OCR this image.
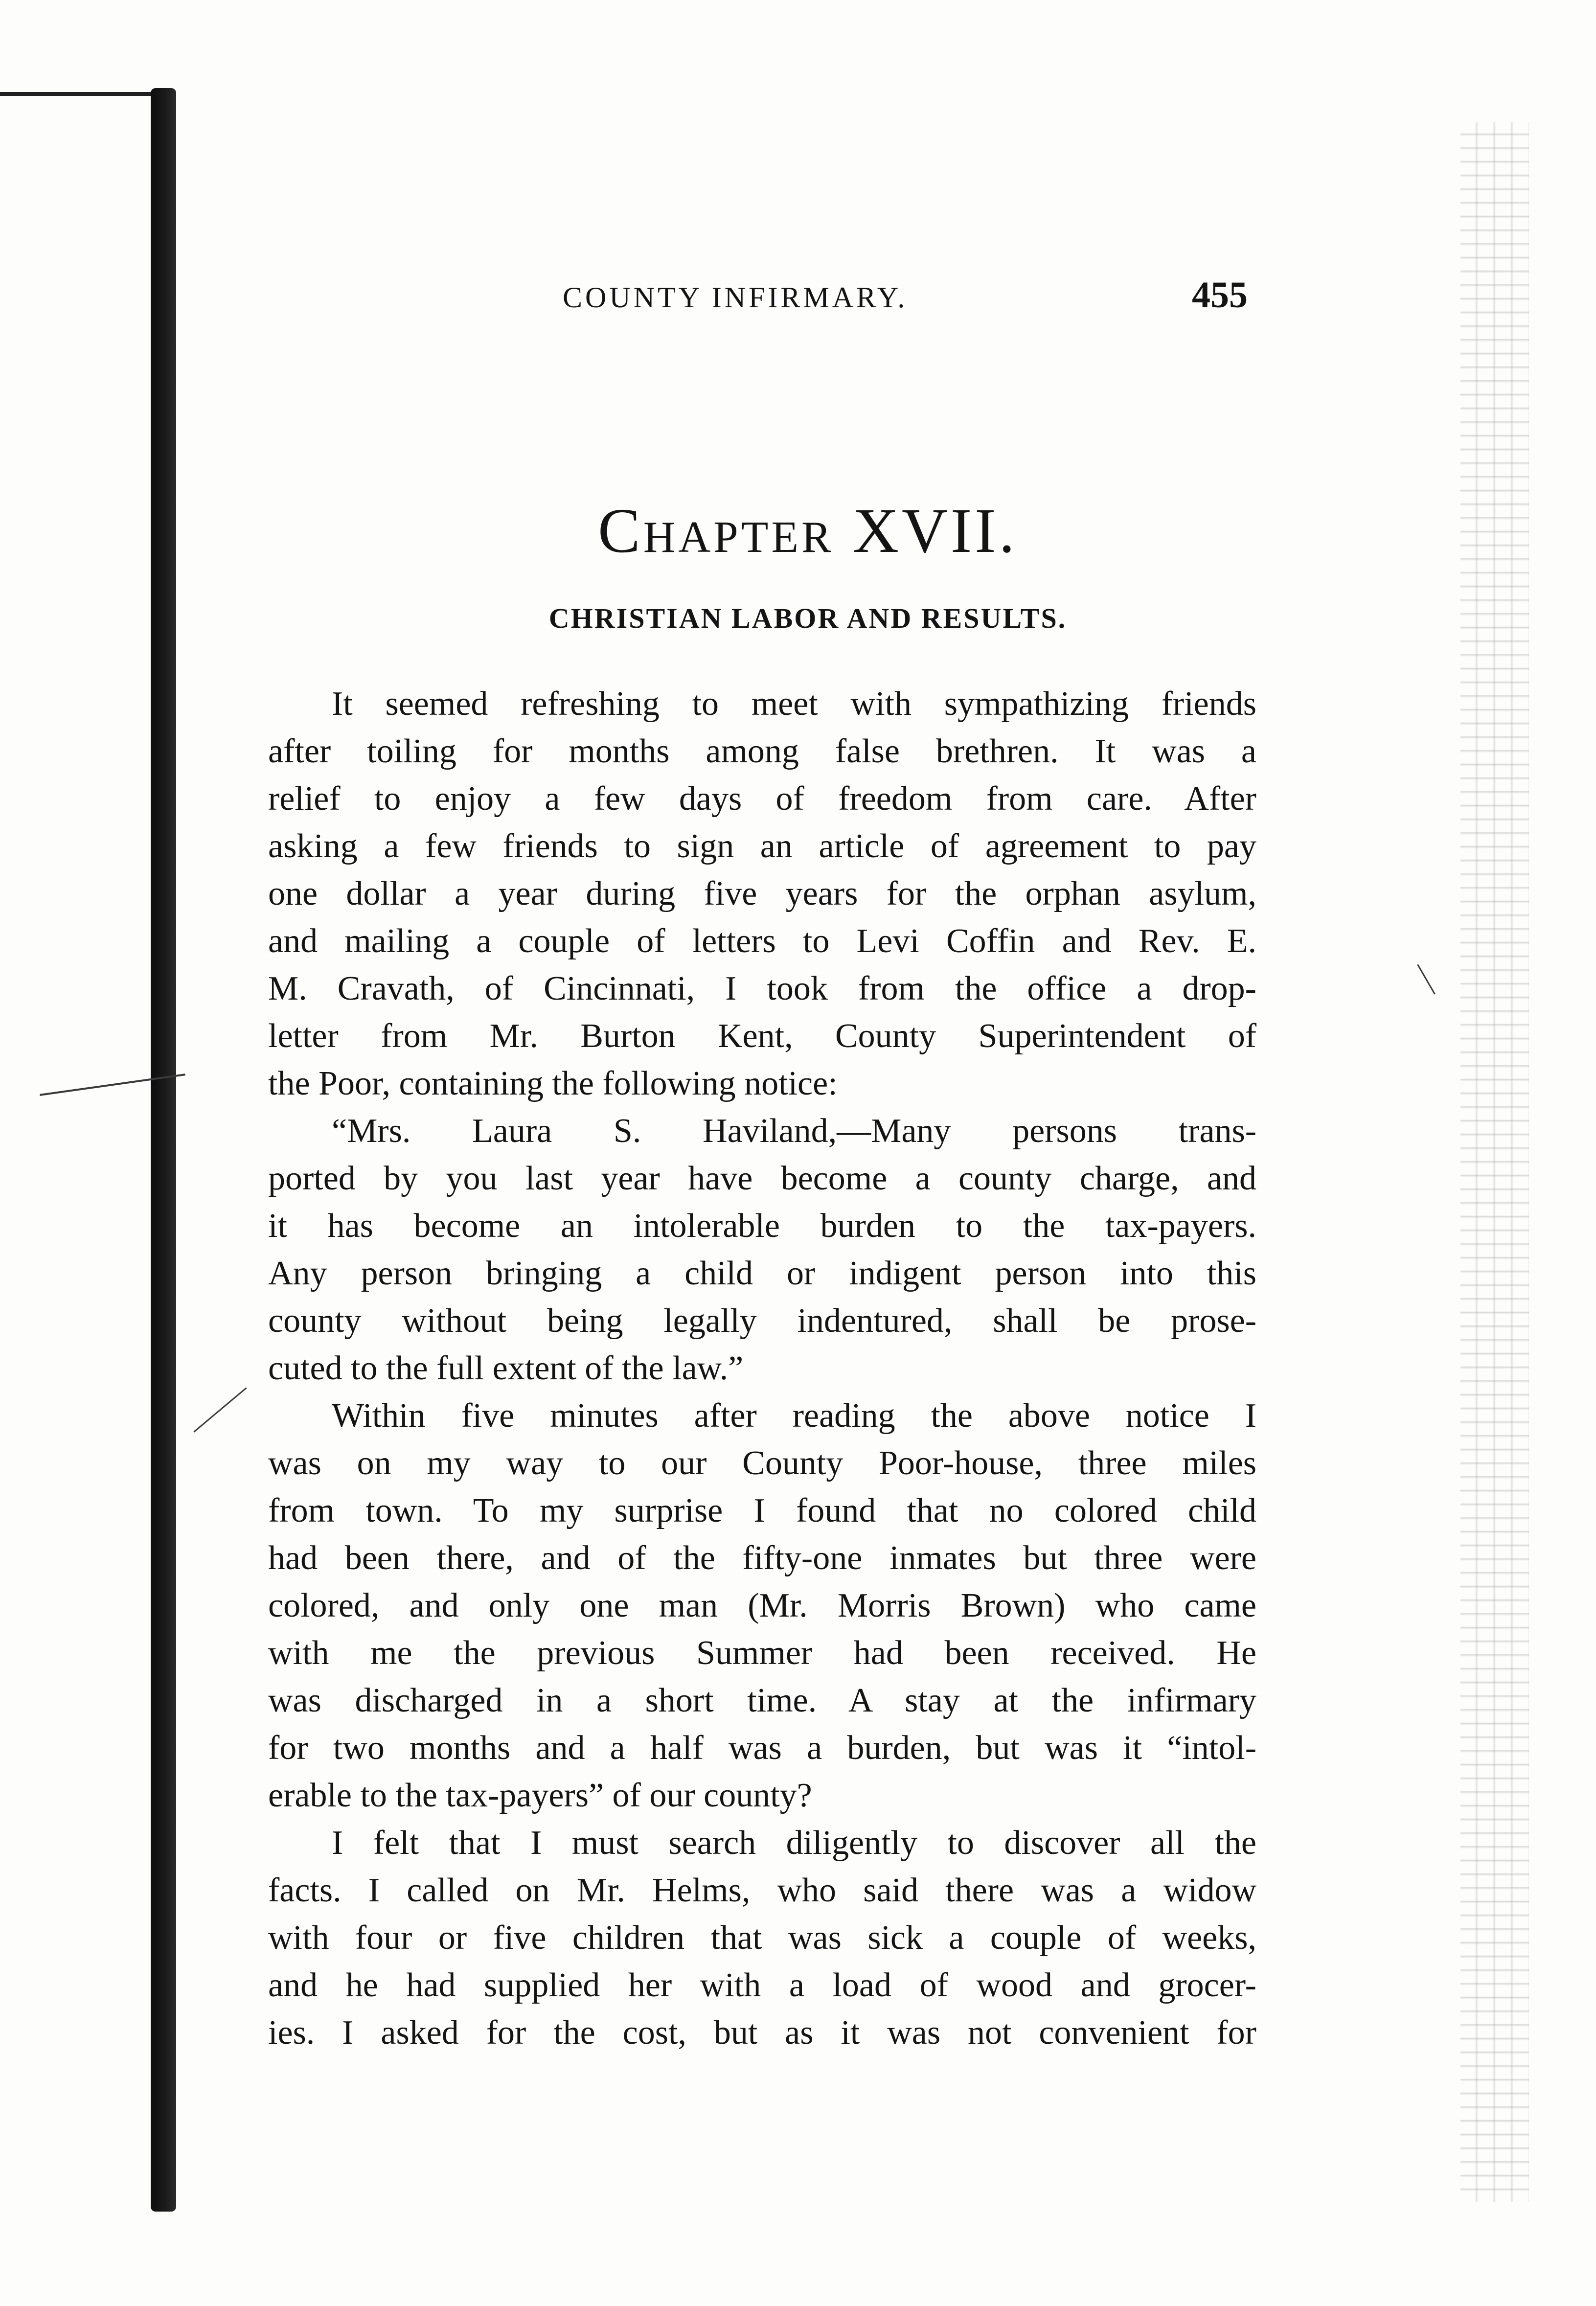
COUNTY INFIRMARY.	455
Chapter XVII.
CHRISTIAN LABOR AND RESULTS.
It seemed refreshing to meet with sympathizing friends
after toiling for months among false brethren. It was a
relief to enjoy a few days of freedom from care. After
asking a few friends to sign an article of agreement to pay
one dollar a year during five years for the orphan asylum,
and mailing a couple of letters to Levi Coffin and Rev. E.
M. Cravath, of Cincinnati, I took from the office a drop-
letter from Mr. Burton Kent, County Superintendent of
the Poor, containing the following notice:
“Mrs. Laura S. Haviland,—Many persons trans-
ported by you last year have become a county charge, and
it has become an intolerable burden to the tax-payers.
Any person bringing a child or indigent person into this
county without being legally indentured, shall be prose-
cuted to the full extent of the law.”
Within five minutes after reading the above notice I
was on my way to our County Poor-house, three miles
from town. To my surprise I found that no colored child
had been there, and of the fifty-one inmates but three were
colored, and only one man (Mr. Morris Brown) who came
with me the previous Summer had been received. He
was discharged in a short time. A stay at the infirmary
for two months and a half was a burden, but was it “intol-
erable to the tax-payers” of our county?
I felt that I must search diligently to discover all the
facts. I called on Mr. Helms, who said there was a widow
with four or five children that was sick a couple of weeks,
and he had supplied her with a load of wood and grocer-
ies. I asked for the cost, but as it was not convenient for
